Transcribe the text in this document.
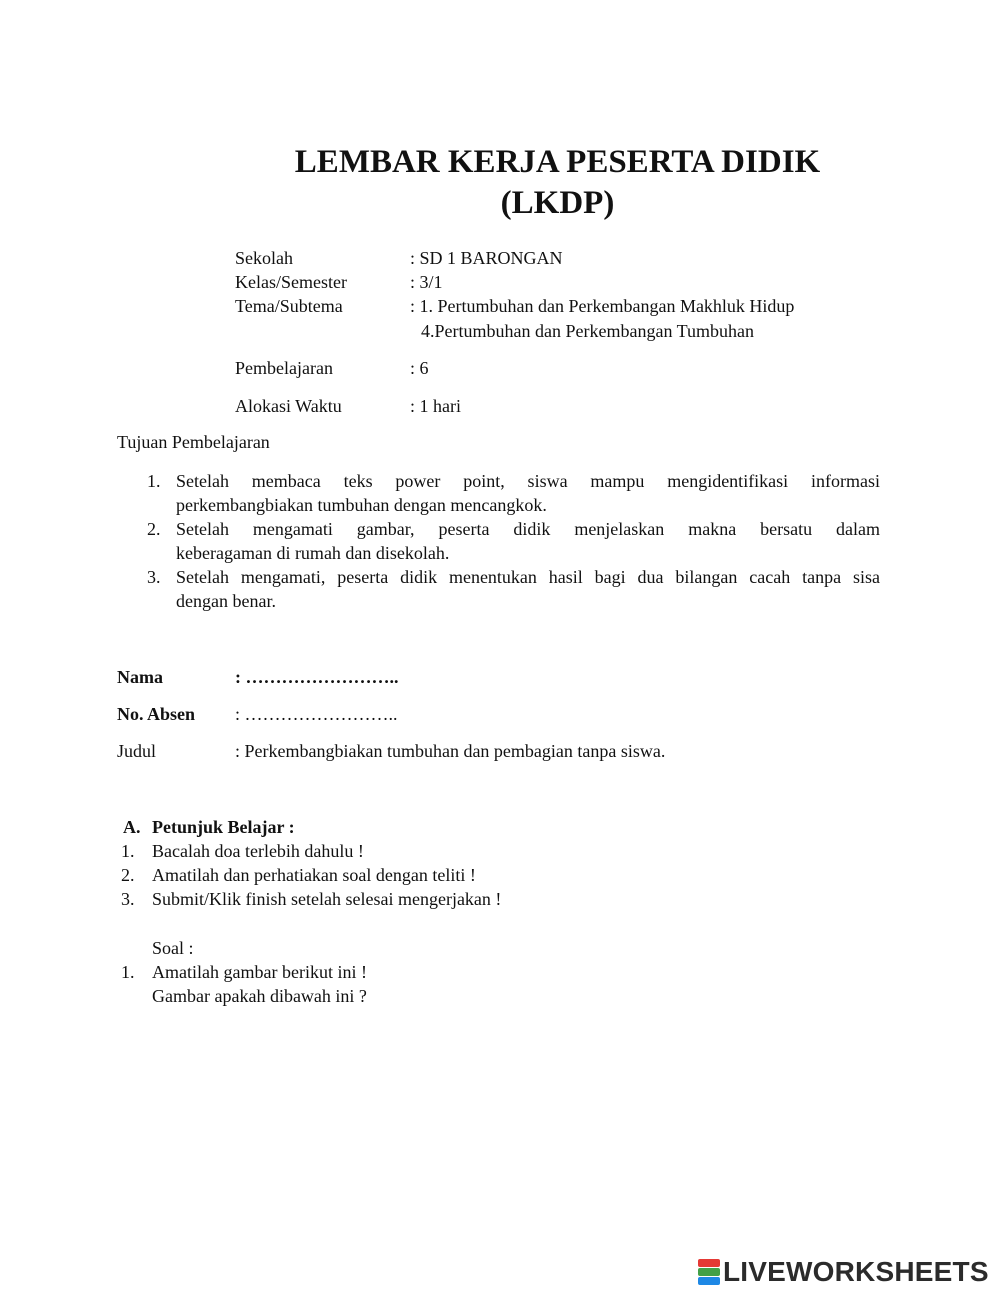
LEMBAR KERJA PESERTA DIDIK
(LKDP)
Sekolah	: SD 1 BARONGAN
Kelas/Semester	: 3/1
Tema/Subtema	: 1. Pertumbuhan dan Perkembangan Makhluk Hidup
4.Pertumbuhan dan Perkembangan Tumbuhan
Pembelajaran	: 6
Alokasi Waktu	: 1 hari
Tujuan Pembelajaran
1. Setelah membaca teks power point, siswa mampu mengidentifikasi informasi
perkembangbiakan tumbuhan dengan mencangkok.
2. Setelah mengamati gambar, peserta didik menjelaskan makna bersatu dalam
keberagaman di rumah dan disekolah.
3. Setelah mengamati, peserta didik menentukan hasil bagi dua bilangan cacah tanpa sisa
dengan benar.
Nama	: ……………………..
No. Absen : ……………………..
Judul	: Perkembangbiakan tumbuhan dan pembagian tanpa siswa.
A. Petunjuk Belajar :
1. Bacalah doa terlebih dahulu !
2. Amatilah dan perhatiakan soal dengan teliti !
3. Submit/Klik finish setelah selesai mengerjakan !
Soal :
1. Amatilah gambar berikut ini !
Gambar apakah dibawah ini ?
LIVEWORKSHEETS
